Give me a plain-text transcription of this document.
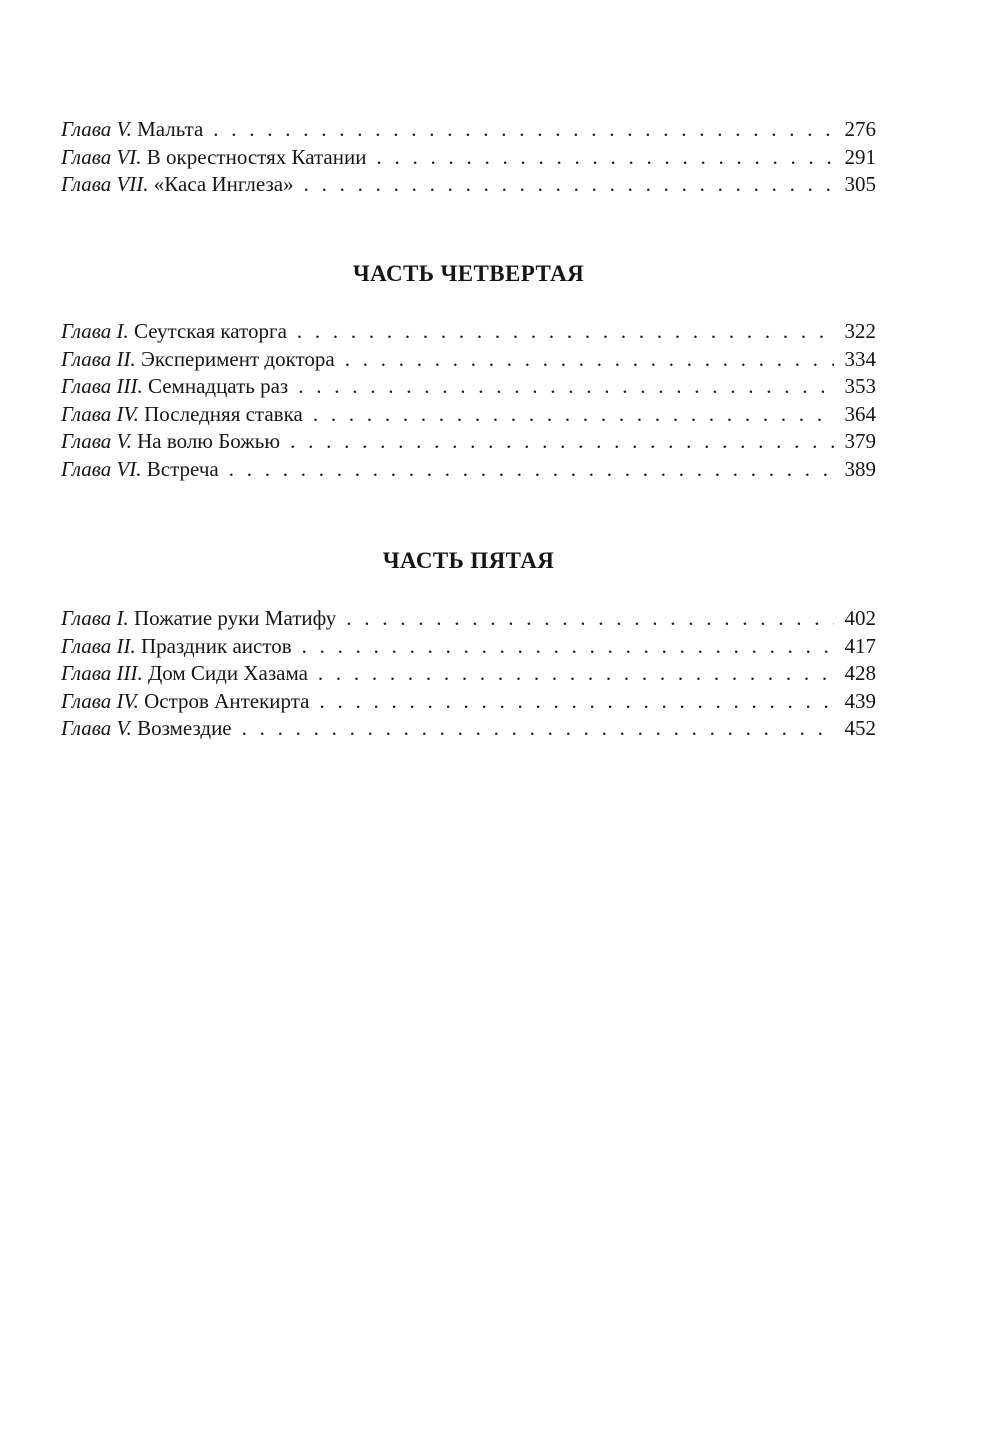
Глава V. Мальта . . .	276
Глава VI. В окрестностях Катании . . .	291
Глава VII. «Каса Инглеза» . . .	305
ЧАСТЬ ЧЕТВЕРТАЯ
Глава I. Сеутская каторга . . .	322
Глава II. Эксперимент доктора . . .	334
Глава III. Семнадцать раз . . .	353
Глава IV. Последняя ставка . . .	364
Глава V. На волю Божью . . .	379
Глава VI. Встреча . . .	389
ЧАСТЬ ПЯТАЯ
Глава I. Пожатие руки Матифу . . .	402
Глава II. Праздник аистов . . .	417
Глава III. Дом Сиди Хазама . . .	428
Глава IV. Остров Антекирта . . .	439
Глава V. Возмездие . . .	452
